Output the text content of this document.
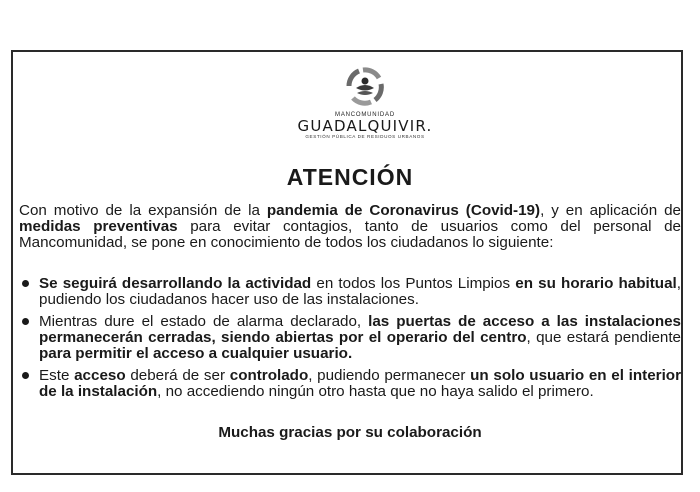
MANCOMUNIDAD
GUADALQUIVIR.
GESTIÓN PÚBLICA DE RESIDUOS URBANOS
ATENCIÓN

Con motivo de la expansión de la pandemia de Coronavirus (Covid-19), y en aplicación de medidas preventivas para evitar contagios, tanto de usuarios como del personal de Mancomunidad, se pone en conocimiento de todos los ciudadanos lo siguiente:

Se seguirá desarrollando la actividad en todos los Puntos Limpios en su horario habitual, pudiendo los ciudadanos hacer uso de las instalaciones.
Mientras dure el estado de alarma declarado, las puertas de acceso a las instalaciones permanecerán cerradas, siendo abiertas por el operario del centro, que estará pendiente para permitir el acceso a cualquier usuario.
Este acceso deberá de ser controlado, pudiendo permanecer un solo usuario en el interior de la instalación, no accediendo ningún otro hasta que no haya salido el primero.
Muchas gracias por su colaboración
